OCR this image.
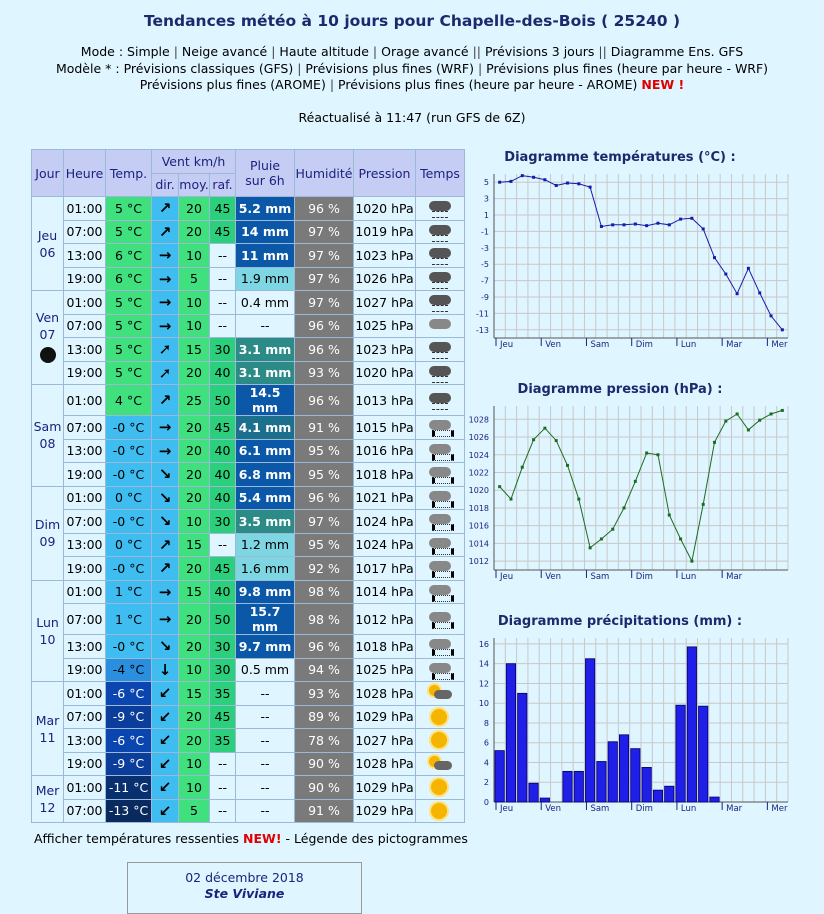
Tendances météo à 10 jours pour Chapelle-des-Bois ( 25240 )
Mode : Simple | Neige avancé | Haute altitude | Orage avancé || Prévisions 3 jours || Diagramme Ens. GFS
Modèle * : Prévisions classiques (GFS) | Prévisions plus fines (WRF) | Prévisions plus fines (heure par heure - WRF)
Prévisions plus fines (AROME) | Prévisions plus fines (heure par heure - AROME) NEW !
Réactualisé à 11:47 (run GFS de 6Z)
Jour	Heure	Temp.	Vent km/h			Pluie
sur 6h	Humidité	Pression	Temps
			dir.	moy.	raf.				
Jeu
06	01:00	5 °C	↗	20	45	5.2 mm	96 %	1020 hPa	

	07:00	5 °C	↗	20	45	14 mm	97 %	1019 hPa	

	13:00	6 °C	→	10	--	11 mm	97 %	1023 hPa	

	19:00	6 °C	→	5	--	1.9 mm	97 %	1026 hPa	

Ven
07	01:00	5 °C	→	10	--	0.4 mm	97 %	1027 hPa	

	07:00	5 °C	→	10	--	--	96 %	1025 hPa	

	13:00	5 °C	➚	15	30	3.1 mm	96 %	1023 hPa	

	19:00	5 °C	➚	20	40	3.1 mm	93 %	1020 hPa	

Sam
08	01:00	4 °C	↗	25	50	14.5 mm	96 %	1013 hPa	

	07:00	-0 °C	→	20	45	4.1 mm	91 %	1015 hPa	

	13:00	-0 °C	→	20	40	6.1 mm	95 %	1016 hPa	

	19:00	-0 °C	↘	20	40	6.8 mm	95 %	1018 hPa	

Dim
09	01:00	0 °C	↘	20	40	5.4 mm	96 %	1021 hPa	

	07:00	-0 °C	↘	10	30	3.5 mm	97 %	1024 hPa	

	13:00	0 °C	↗	15	--	1.2 mm	95 %	1024 hPa	

	19:00	-0 °C	↗	20	45	1.6 mm	92 %	1017 hPa	

Lun
10	01:00	1 °C	→	15	40	9.8 mm	98 %	1014 hPa	

	07:00	1 °C	→	20	50	15.7 mm	98 %	1012 hPa	

	13:00	-0 °C	↘	20	30	9.7 mm	96 %	1018 hPa	

	19:00	-4 °C	↓	10	30	0.5 mm	94 %	1025 hPa	

Mar
11	01:00	-6 °C	↙	15	35	--	93 %	1028 hPa	

	07:00	-9 °C	↙	20	45	--	89 %	1029 hPa	

	13:00	-6 °C	↙	20	35	--	78 %	1027 hPa	

	19:00	-9 °C	↙	10	--	--	90 %	1028 hPa	

Mer
12	01:00	-11 °C	↙	10	--	--	90 %	1029 hPa	

	07:00	-13 °C	↙	5	--	--	91 %	1029 hPa	
Diagramme températures (°C) :
5
3
1
-1
-3
-5
-7
-9
-11
-13
Jeu	Ven	Sam	Dim	Lun	Mar	Mer
Diagramme pression (hPa) :
1028
1026
1024
1022
1020
1018
1016
1014
1012
Jeu	Ven	Sam	Dim	Lun	Mar
Diagramme précipitations (mm) :
16
14
12
10
8
6
4
2
0
Jeu	Ven	Sam	Dim	Lun	Mar	Mer
Afficher températures ressenties NEW! - Légende des pictogrammes
02 décembre 2018
Ste Viviane
